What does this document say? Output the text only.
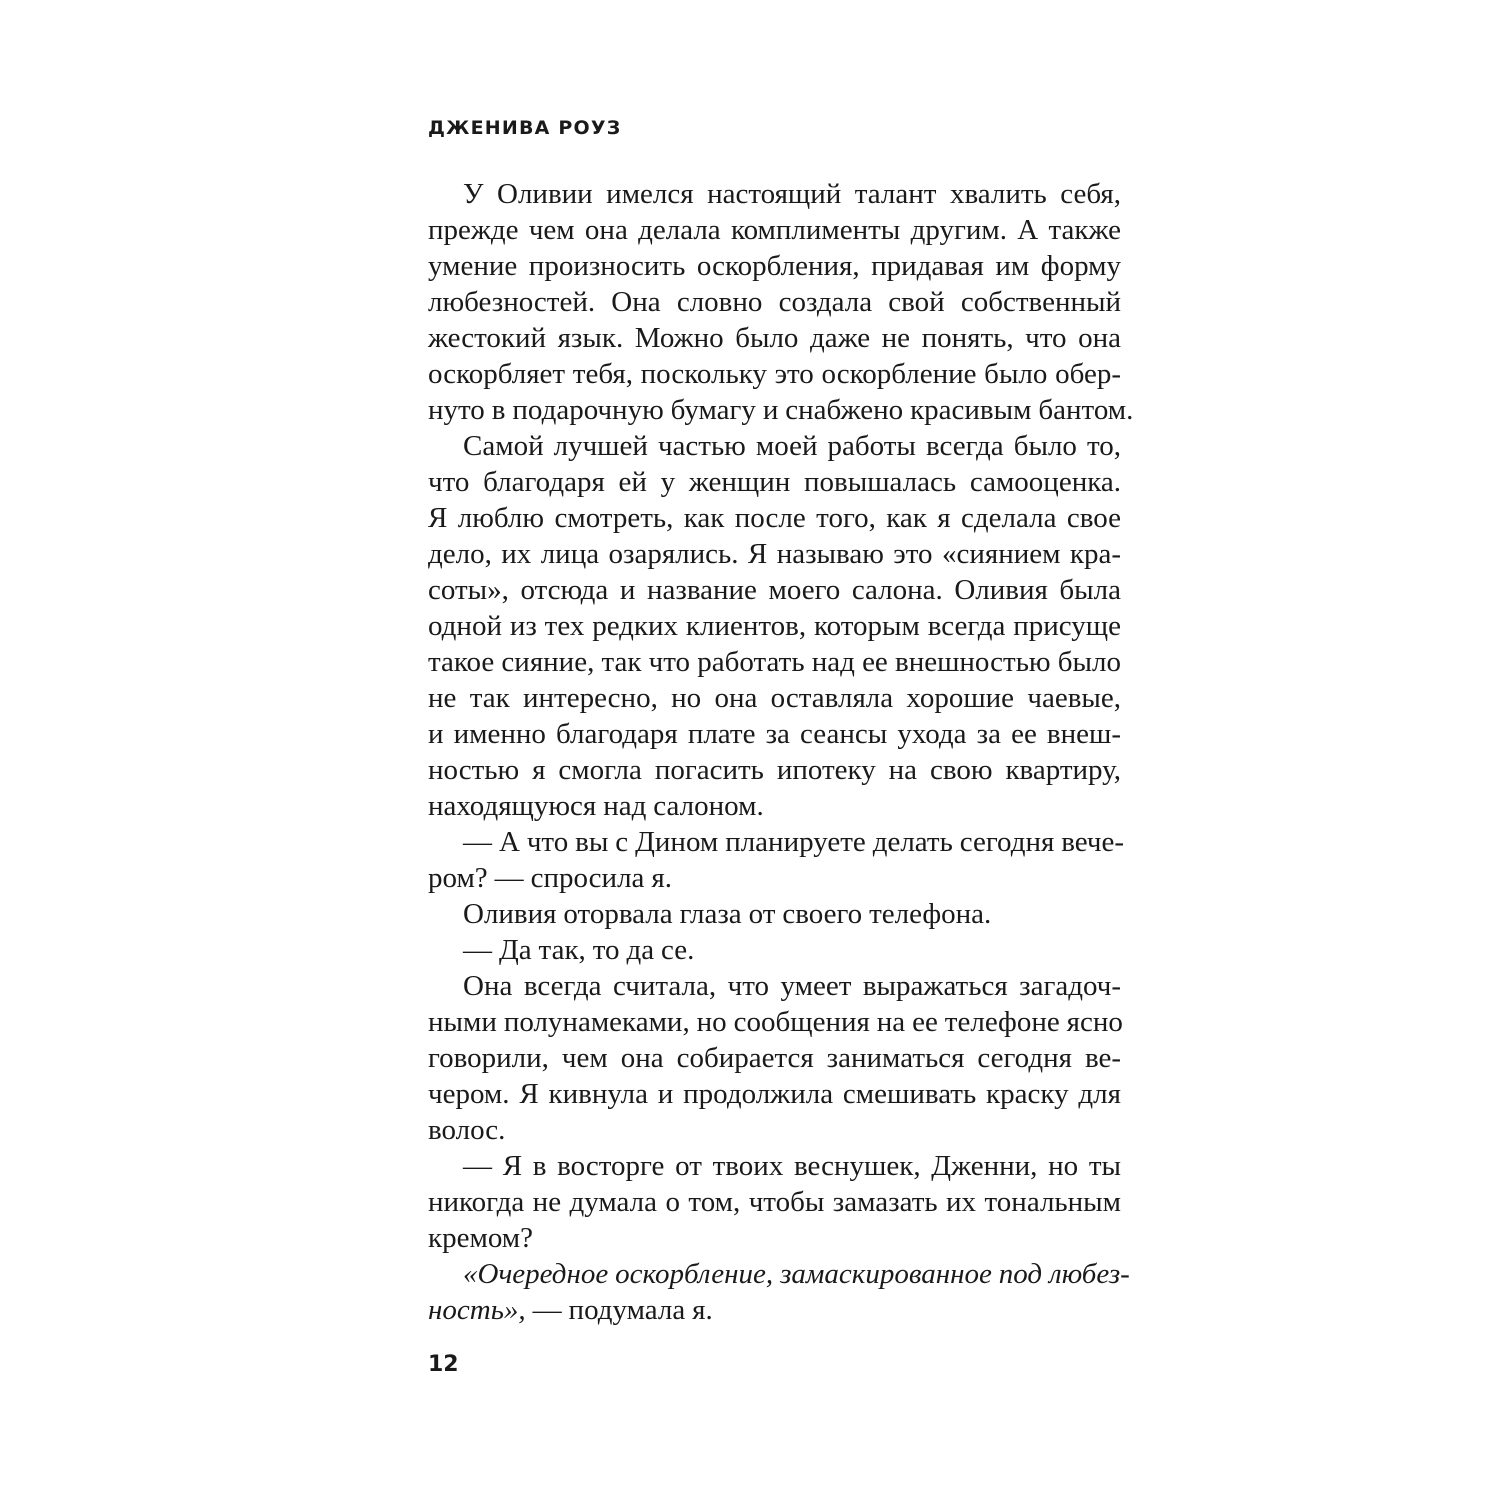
ДЖЕНИВА РОУЗ
У Оливии имелся настоящий талант хвалить себя,
прежде чем она делала комплименты другим. А также
умение произносить оскорбления, придавая им форму
любезностей. Она словно создала свой собственный
жестокий язык. Можно было даже не понять, что она
оскорбляет тебя, поскольку это оскорбление было обер-
нуто в подарочную бумагу и снабжено красивым бантом.
Самой лучшей частью моей работы всегда было то,
что благодаря ей у женщин повышалась самооценка.
Я люблю смотреть, как после того, как я сделала свое
дело, их лица озарялись. Я называю это «сиянием кра-
соты», отсюда и название моего салона. Оливия была
одной из тех редких клиентов, которым всегда присуще
такое сияние, так что работать над ее внешностью было
не так интересно, но она оставляла хорошие чаевые,
и именно благодаря плате за сеансы ухода за ее внеш-
ностью я смогла погасить ипотеку на свою квартиру,
находящуюся над салоном.
— А что вы с Дином планируете делать сегодня вече-
ром? — спросила я.
Оливия оторвала глаза от своего телефона.
— Да так, то да се.
Она всегда считала, что умеет выражаться загадоч-
ными полунамеками, но сообщения на ее телефоне ясно
говорили, чем она собирается заниматься сегодня ве-
чером. Я кивнула и продолжила смешивать краску для
волос.
— Я в восторге от твоих веснушек, Дженни, но ты
никогда не думала о том, чтобы замазать их тональным
кремом?
«Очередное оскорбление, замаскированное под любез-
ность», — подумала я.
12
